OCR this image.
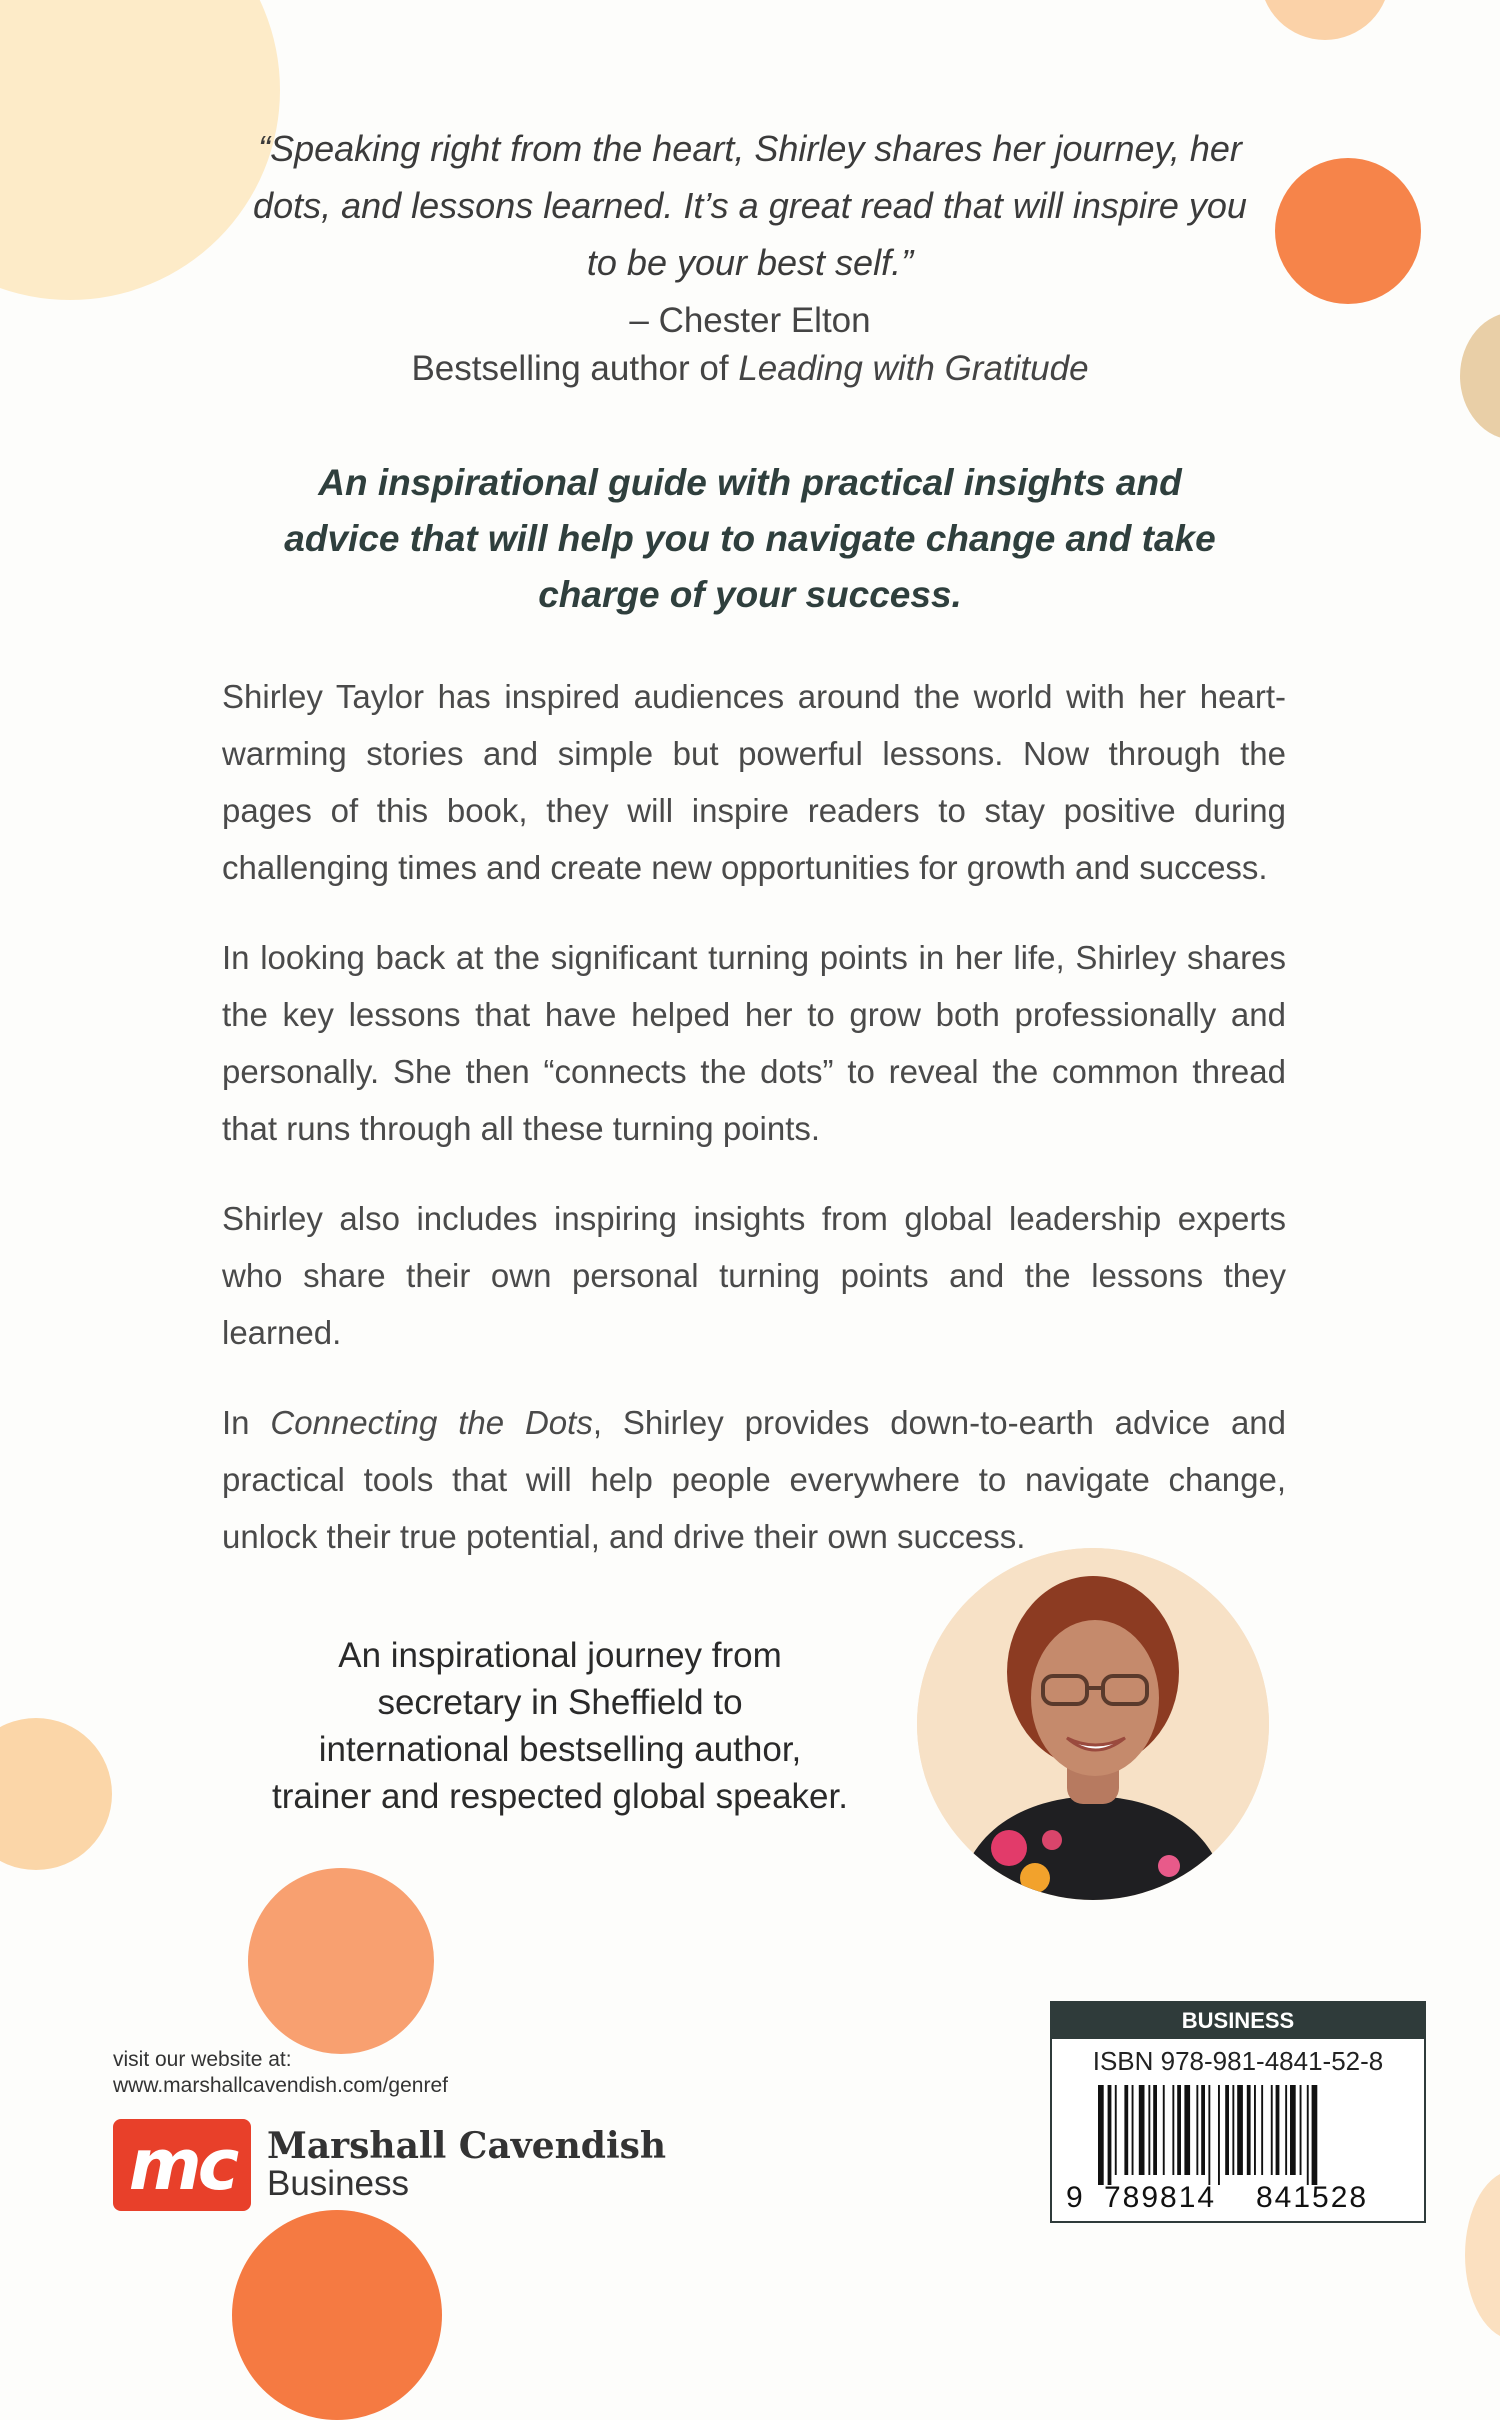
“Speaking right from the heart, Shirley shares her journey, her dots, and lessons learned. It’s a great read that will inspire you to be your best self.”
– Chester Elton
Bestselling author of Leading with Gratitude
An inspirational guide with practical insights and advice that will help you to navigate change and take charge of your success.

Shirley Taylor has inspired audiences around the world with her heart-warming stories and simple but powerful lessons. Now through the pages of this book, they will inspire readers to stay positive during challenging times and create new opportunities for growth and success.

In looking back at the significant turning points in her life, Shirley shares the key lessons that have helped her to grow both professionally and personally. She then “connects the dots” to reveal the common thread that runs through all these turning points.

Shirley also includes inspiring insights from global leadership experts who share their own personal turning points and the lessons they learned.

In Connecting the Dots, Shirley provides down-to-earth advice and practical tools that will help people everywhere to navigate change, unlock their true potential, and drive their own success.

An inspirational journey from
secretary in Sheffield to
international bestselling author,
trainer and respected global speaker.
visit our website at:
www.marshallcavendish.com/genref
mc Marshall Cavendish
Business
BUSINESS
ISBN 978-981-4841-52-8
9 789814 841528
